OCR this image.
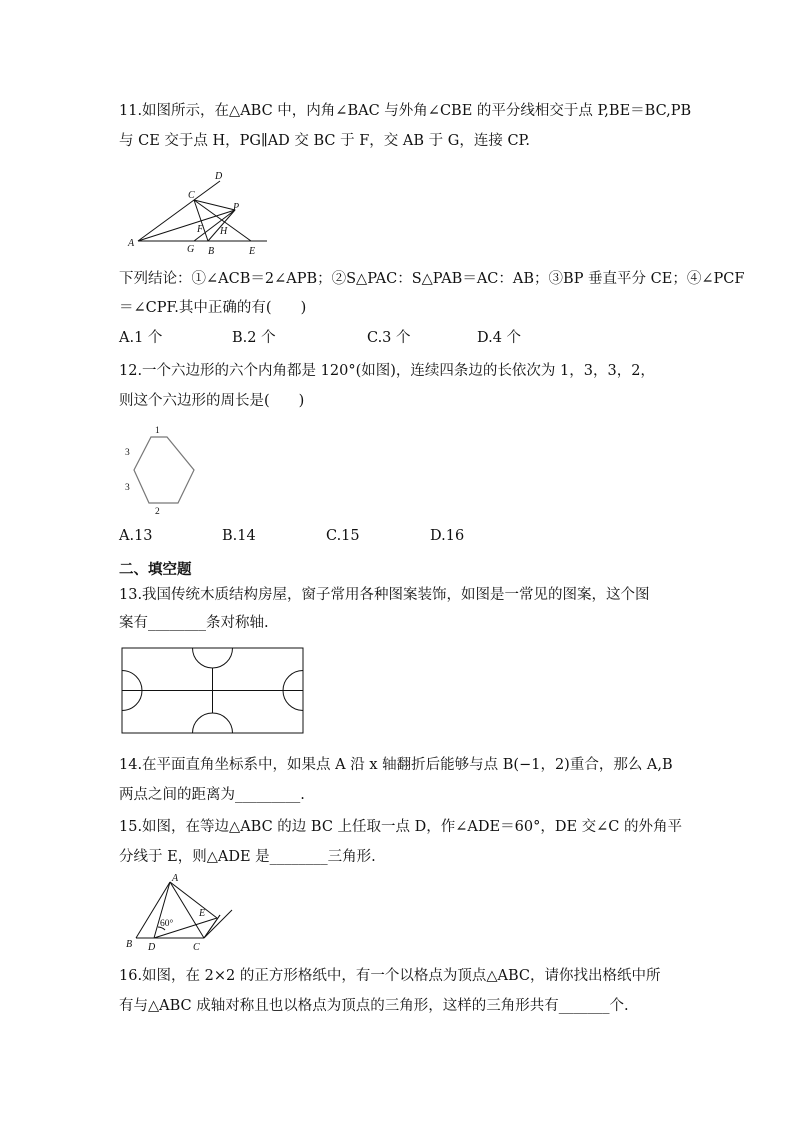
11.如图所示，在△ABC 中，内角∠BAC 与外角∠CBE 的平分线相交于点 P,BE＝BC,PB
与 CE 交于点 H，PG∥AD 交 BC 于 F，交 AB 于 G，连接 CP.
D
C
P
F H
A
G B	E
下列结论：①∠ACB＝2∠APB；②S△PAC：S△PAB＝AC：AB；③BP 垂直平分 CE；④∠PCF
＝∠CPF.其中正确的有(　　)
A.1 个	B.2 个	C.3 个	D.4 个
12.一个六边形的六个内角都是 120°(如图)，连续四条边的长依次为 1，3，3，2，
则这个六边形的周长是(　　)
1
3
3
2
A.13	B.14	C.15	D.16
二、填空题
13.我国传统木质结构房屋，窗子常用各种图案装饰，如图是一常见的图案，这个图
案有________条对称轴.
14.在平面直角坐标系中，如果点 A 沿 x 轴翻折后能够与点 B(−1，2)重合，那么 A,B
两点之间的距离为_________.
15.如图，在等边△ABC 的边 BC 上任取一点 D，作∠ADE＝60°，DE 交∠C 的外角平
分线于 E，则△ADE 是________三角形.
A
E
60°
B D	C
16.如图，在 2×2 的正方形格纸中，有一个以格点为顶点△ABC，请你找出格纸中所
有与△ABC 成轴对称且也以格点为顶点的三角形，这样的三角形共有_______个.
